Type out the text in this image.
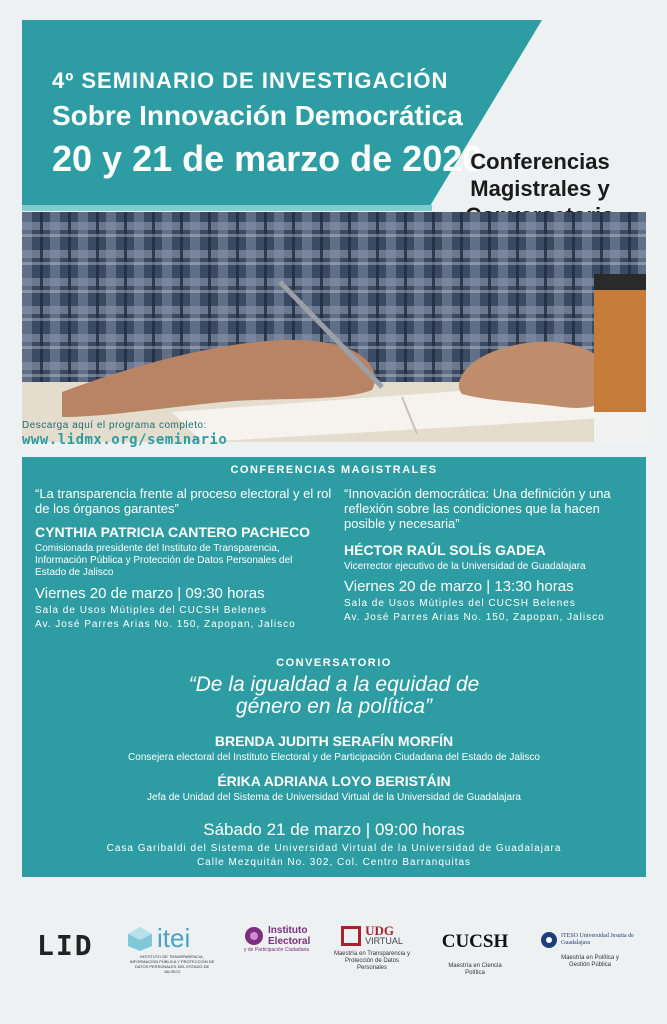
4º SEMINARIO DE INVESTIGACIÓN
Sobre Innovación Democrática
20 y 21 de marzo de 2020
Conferencias
Magistrales y
Descarga aquí el programa completo:
www.lidmx.org/seminario
CONFERENCIAS MAGISTRALES
“La transparencia frente al proceso electoral y el rol de los órganos garantes”
CYNTHIA PATRICIA CANTERO PACHECO
Comisionada presidente del Instituto de Transparencia, Información Pública y Protección de Datos Personales del Estado de Jalisco
Viernes 20 de marzo | 09:30 horas
Sala de Usos Mútiples del CUCSH Belenes
Av. José Parres Arias No. 150, Zapopan, Jalisco
“Innovación democrática: Una definición y una reflexión sobre las condiciones que la hacen posible y necesaria”
HÉCTOR RAÚL SOLÍS GADEA
Vicerrector ejecutivo de la Universidad de Guadalajara
Viernes 20 de marzo | 13:30 horas
Sala de Usos Mútiples del CUCSH Belenes
Av. José Parres Arias No. 150, Zapopan, Jalisco
CONVERSATORIO
“De la igualdad a la equidad de género en la política”
BRENDA JUDITH SERAFÍN MORFÍN
Consejera electoral del Instituto Electoral y de Participación Ciudadana del Estado de Jalisco
ÉRIKA ADRIANA LOYO BERISTÁIN
Jefa de Unidad del Sistema de Universidad Virtual de la Universidad de Guadalajara
Sábado 21 de marzo | 09:00 horas
Casa Garibaldi del Sistema de Universidad Virtual de la Universidad de Guadalajara
Calle Mezquitán No. 302, Col. Centro Barranquitas
LID itei
INSTITUTO DE TRANSPARENCIA, INFORMACIÓN PÚBLICA Y PROTECCIÓN DE DATOS PERSONALES DEL ESTADO DE JALISCO
Instituto
Electoral
y de Participación Ciudadana
UDG
VIRTUAL
Maestría en Transparencia y Protección de Datos Personales
CUCSH
Maestría en Ciencia Política
ITESO Universidad Jesuita de Guadalajara
Maestría en Política y Gestión Pública
